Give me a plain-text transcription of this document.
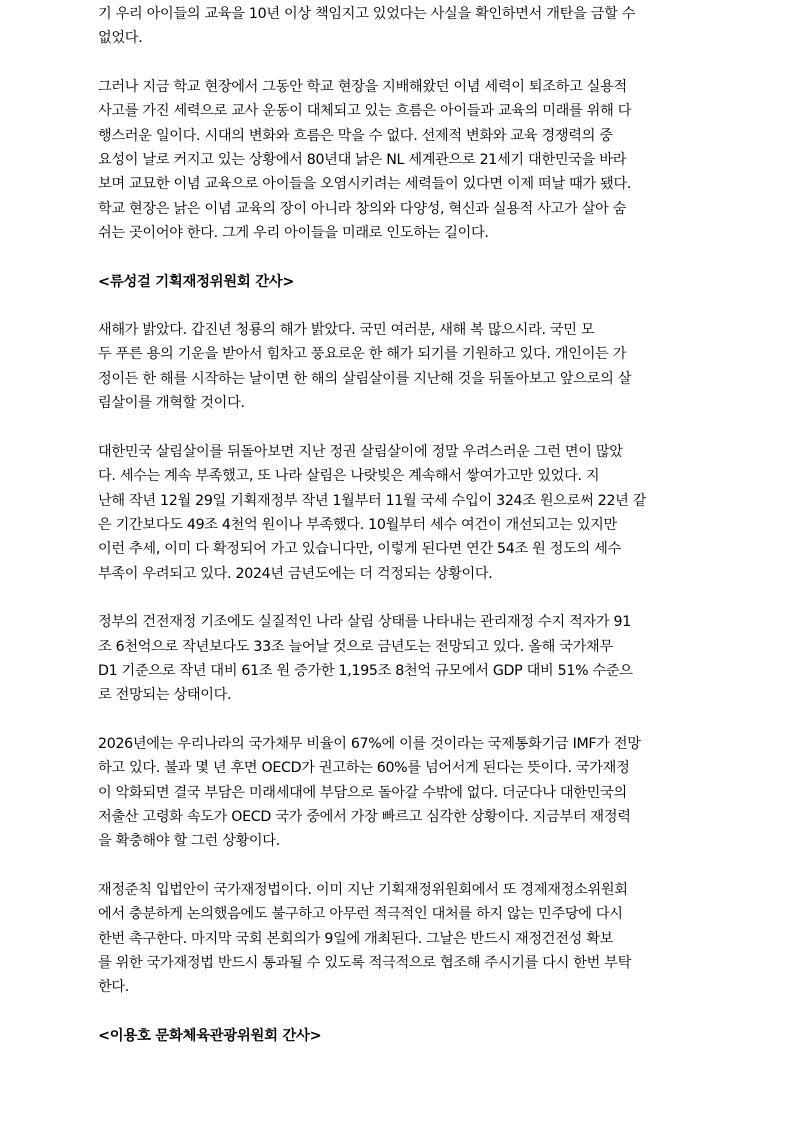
기 우리 아이들의 교육을 10년 이상 책임지고 있었다는 사실을 확인하면서 개탄을 금할 수
없었다.

그러나 지금 학교 현장에서 그동안 학교 현장을 지배해왔던 이념 세력이 퇴조하고 실용적
사고를 가진 세력으로 교사 운동이 대체되고 있는 흐름은 아이들과 교육의 미래를 위해 다
행스러운 일이다. 시대의 변화와 흐름은 막을 수 없다. 선제적 변화와 교육 경쟁력의 중
요성이 날로 커지고 있는 상황에서 80년대 낡은 NL 세계관으로 21세기 대한민국을 바라
보며 교묘한 이념 교육으로 아이들을 오염시키려는 세력들이 있다면 이제 떠날 때가 됐다.
학교 현장은 낡은 이념 교육의 장이 아니라 창의와 다양성, 혁신과 실용적 사고가 살아 숨
쉬는 곳이어야 한다. 그게 우리 아이들을 미래로 인도하는 길이다.

<류성걸 기획재정위원회 간사>

새해가 밝았다. 갑진년 청룡의 해가 밝았다. 국민 여러분, 새해 복 많으시라. 국민 모
두 푸른 용의 기운을 받아서 힘차고 풍요로운 한 해가 되기를 기원하고 있다. 개인이든 가
정이든 한 해를 시작하는 날이면 한 해의 살림살이를 지난해 것을 뒤돌아보고 앞으로의 살
림살이를 개혁할 것이다.

대한민국 살림살이를 뒤돌아보면 지난 정권 살림살이에 정말 우려스러운 그런 면이 많았
다. 세수는 계속 부족했고, 또 나라 살림은 나랏빚은 계속해서 쌓여가고만 있었다. 지
난해 작년 12월 29일 기획재정부 작년 1월부터 11월 국세 수입이 324조 원으로써 22년 같
은 기간보다도 49조 4천억 원이나 부족했다. 10월부터 세수 여건이 개선되고는 있지만
이런 추세, 이미 다 확정되어 가고 있습니다만, 이렇게 된다면 연간 54조 원 정도의 세수
부족이 우려되고 있다. 2024년 금년도에는 더 걱정되는 상황이다.

정부의 건전재정 기조에도 실질적인 나라 살림 상태를 나타내는 관리재정 수지 적자가 91
조 6천억으로 작년보다도 33조 늘어날 것으로 금년도는 전망되고 있다. 올해 국가채무
D1 기준으로 작년 대비 61조 원 증가한 1,195조 8천억 규모에서 GDP 대비 51% 수준으
로 전망되는 상태이다.

2026년에는 우리나라의 국가채무 비율이 67%에 이를 것이라는 국제통화기금 IMF가 전망
하고 있다. 불과 몇 년 후면 OECD가 권고하는 60%를 넘어서게 된다는 뜻이다. 국가재정
이 악화되면 결국 부담은 미래세대에 부담으로 돌아갈 수밖에 없다. 더군다나 대한민국의
저출산 고령화 속도가 OECD 국가 중에서 가장 빠르고 심각한 상황이다. 지금부터 재정력
을 확충해야 할 그런 상황이다.

재정준칙 입법안이 국가재정법이다. 이미 지난 기획재정위원회에서 또 경제재정소위원회
에서 충분하게 논의했음에도 불구하고 아무런 적극적인 대처를 하지 않는 민주당에 다시
한번 촉구한다. 마지막 국회 본회의가 9일에 개최된다. 그날은 반드시 재정건전성 확보
를 위한 국가재정법 반드시 통과될 수 있도록 적극적으로 협조해 주시기를 다시 한번 부탁
한다.

<이용호 문화체육관광위원회 간사>
